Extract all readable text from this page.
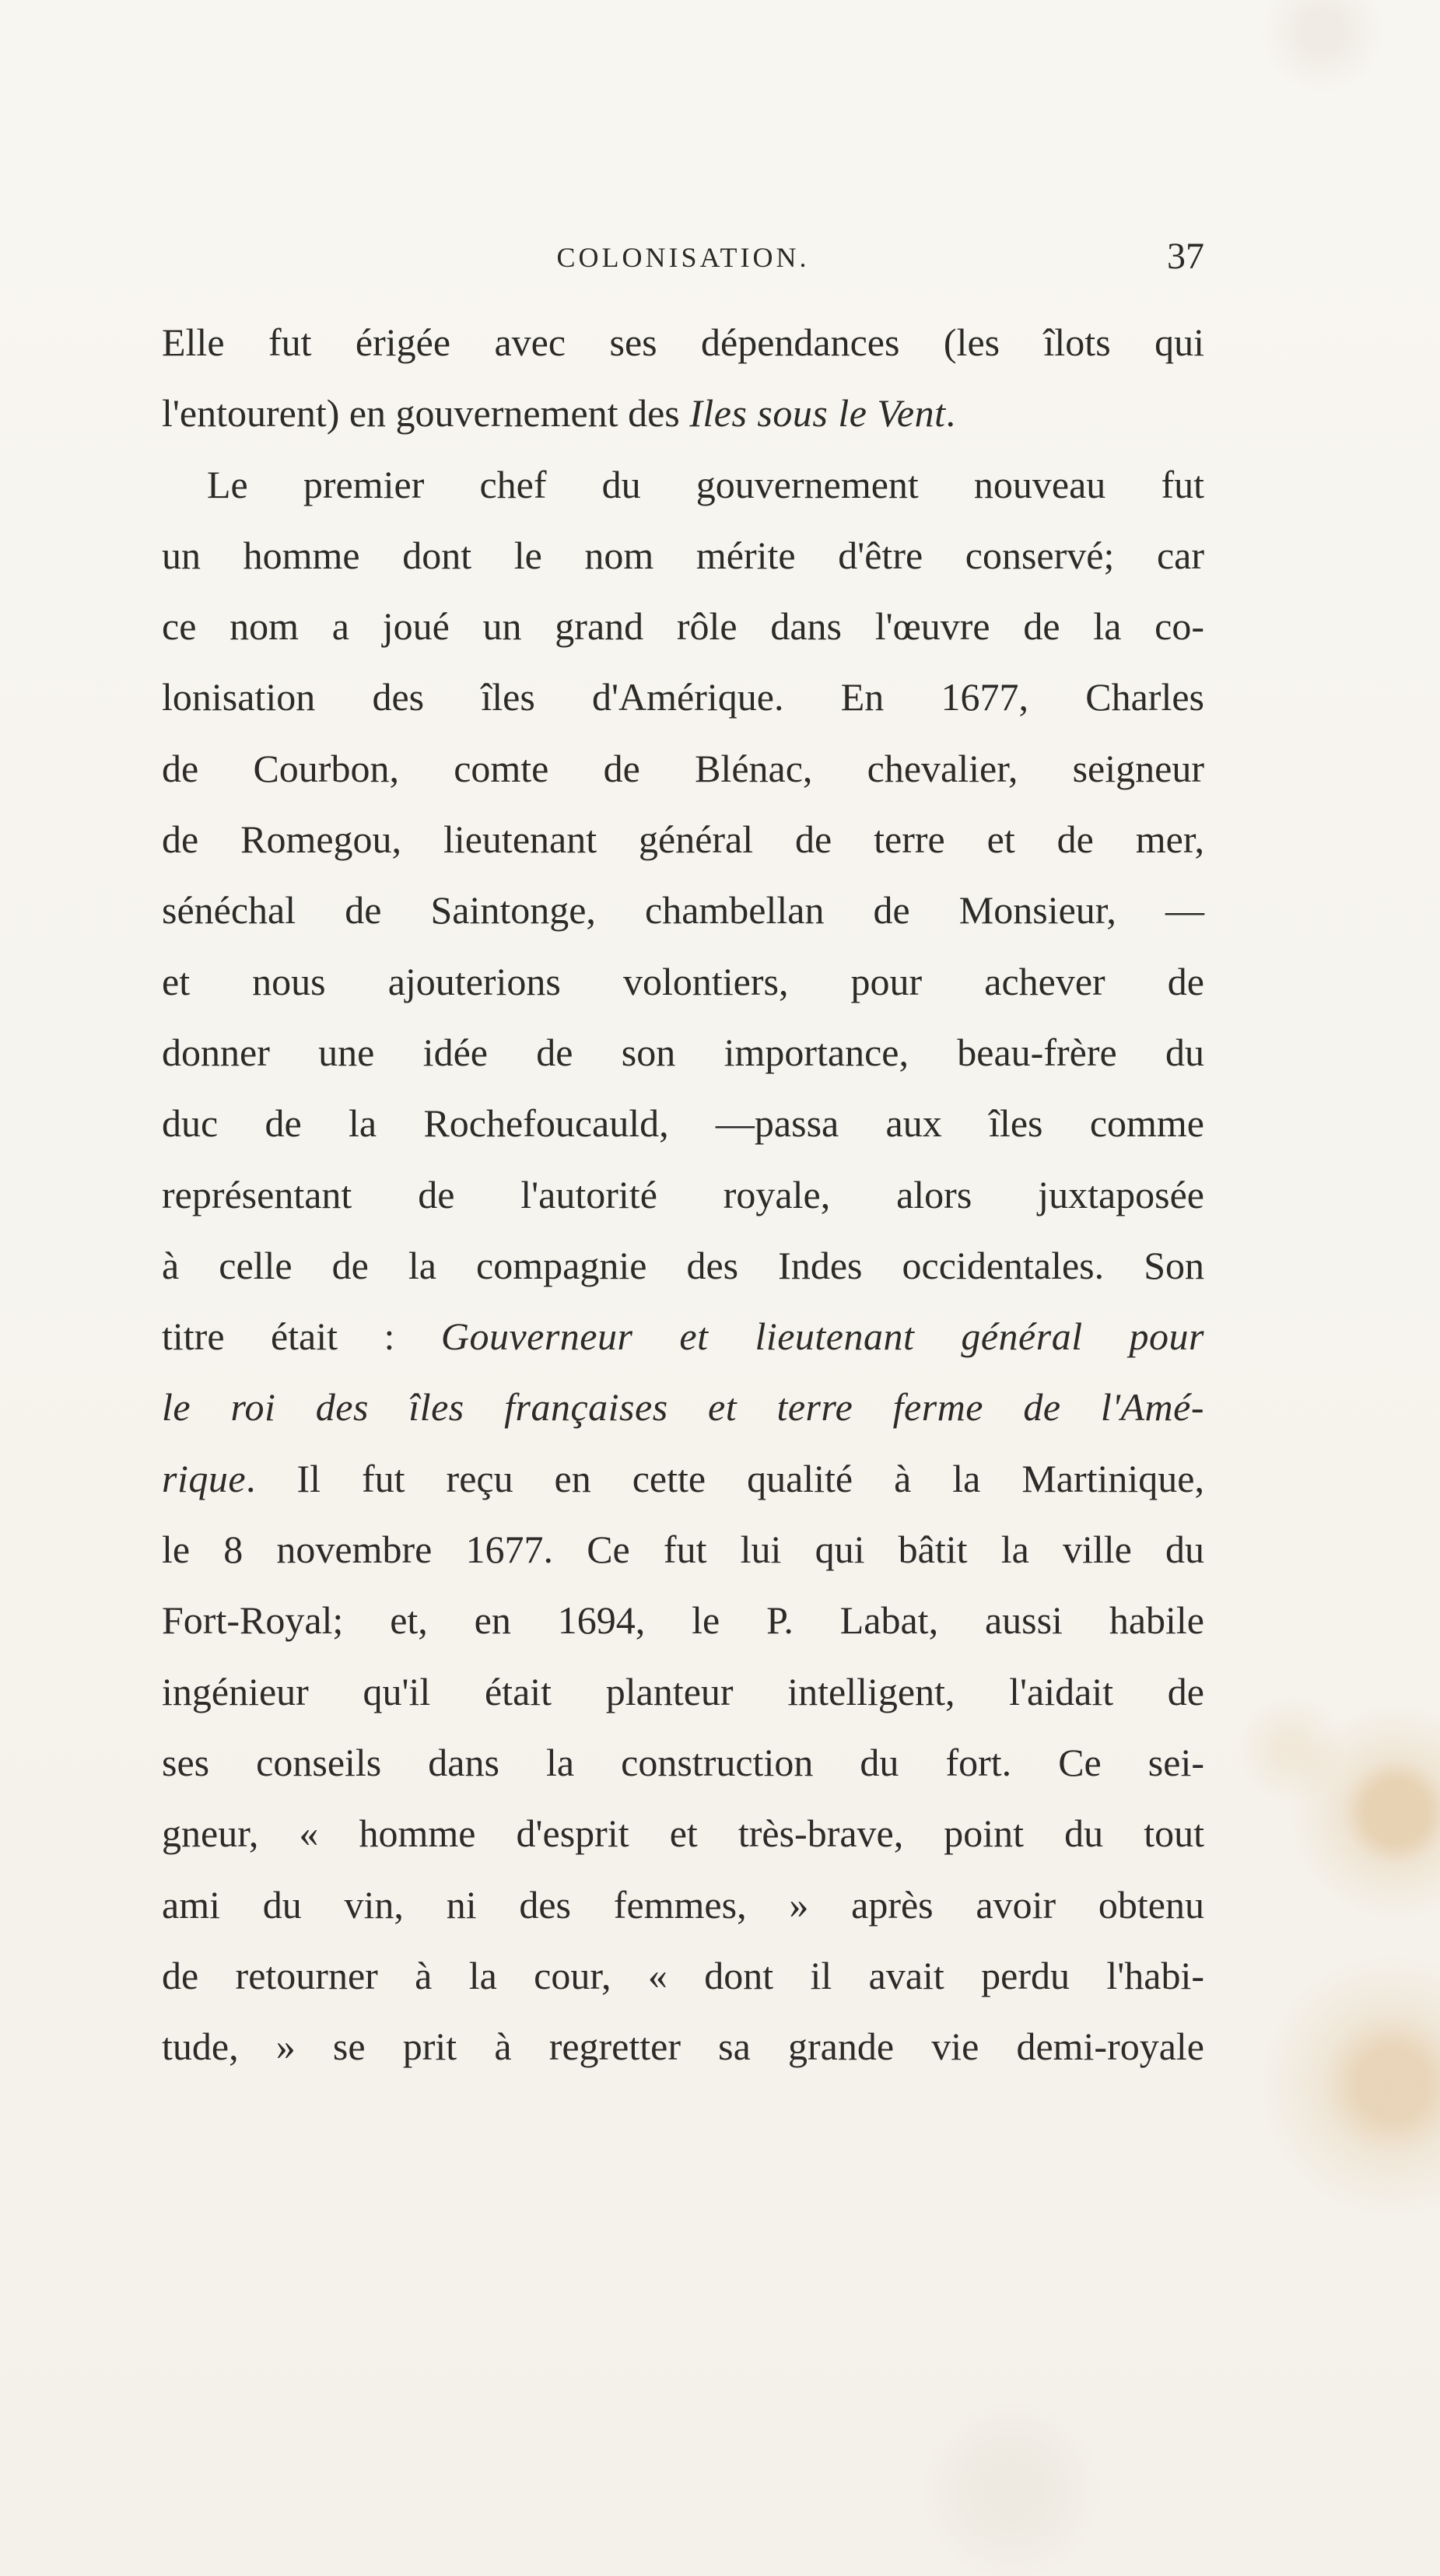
COLONISATION.	37
Elle fut érigée avec ses dépendances (les îlots qui
l'entourent) en gouvernement des Iles sous le Vent.
Le premier chef du gouvernement nouveau fut
un homme dont le nom mérite d'être conservé; car
ce nom a joué un grand rôle dans l'œuvre de la co-
lonisation des îles d'Amérique. En 1677, Charles
de Courbon, comte de Blénac, chevalier, seigneur
de Romegou, lieutenant général de terre et de mer,
sénéchal de Saintonge, chambellan de Monsieur, —
et nous ajouterions volontiers, pour achever de
donner une idée de son importance, beau-frère du
duc de la Rochefoucauld, —passa aux îles comme
représentant de l'autorité royale, alors juxtaposée
à celle de la compagnie des Indes occidentales. Son
titre était : Gouverneur et lieutenant général pour
le roi des îles françaises et terre ferme de l'Amé-
rique. Il fut reçu en cette qualité à la Martinique,
le 8 novembre 1677. Ce fut lui qui bâtit la ville du
Fort-Royal; et, en 1694, le P. Labat, aussi habile
ingénieur qu'il était planteur intelligent, l'aidait de
ses conseils dans la construction du fort. Ce sei-
gneur, « homme d'esprit et très-brave, point du tout
ami du vin, ni des femmes, » après avoir obtenu
de retourner à la cour, « dont il avait perdu l'habi-
tude, » se prit à regretter sa grande vie demi-royale
